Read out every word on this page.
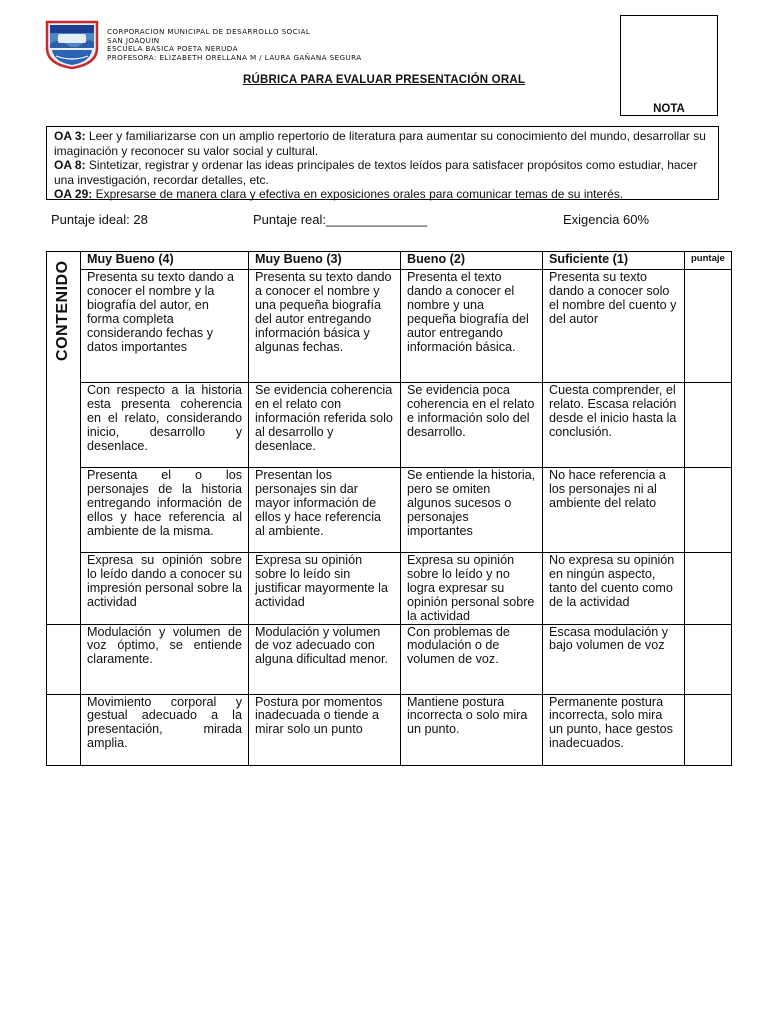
CORPORACION MUNICIPAL DE DESARROLLO SOCIAL
SAN JOAQUIN
ESCUELA BASICA POETA NERUDA
PROFESORA: ELIZABETH ORELLANA M / LAURA GAÑANA SEGURA
NOTA
RÚBRICA PARA EVALUAR PRESENTACIÓN ORAL

OA 3: Leer y familiarizarse con un amplio repertorio de literatura para aumentar su conocimiento del mundo, desarrollar su imaginación y reconocer su valor social y cultural.

OA 8: Sintetizar, registrar y ordenar las ideas principales de textos leídos para satisfacer propósitos como estudiar, hacer una investigación, recordar detalles, etc.

OA 29: Expresarse de manera clara y efectiva en exposiciones orales para comunicar temas de su interés.

Puntaje ideal: 28	Puntaje real:______________	Exigencia 60%
CONTENIDO	Muy Bueno (4)	Muy Bueno (3)	Bueno (2)	Suficiente (1)	puntaje
	Presenta su texto dando a conocer el nombre y la biografía del autor, en forma completa considerando fechas y datos importantes	Presenta su texto dando a conocer el nombre y una pequeña biografía del autor entregando información básica y algunas fechas.	Presenta el texto dando a conocer el nombre y una pequeña biografía del autor entregando información básica.	Presenta su texto dando a conocer solo el nombre del cuento y del autor	
	Con respecto a la historia esta presenta coherencia en el relato, considerando inicio, desarrollo y desenlace.	Se evidencia coherencia en el relato con información referida solo al desarrollo y desenlace.	Se evidencia poca coherencia en el relato e información solo del desarrollo.	Cuesta comprender, el relato. Escasa relación desde el inicio hasta la conclusión.	
	Presenta el o los personajes de la historia entregando información de ellos y hace referencia al ambiente de la misma.	Presentan los personajes sin dar mayor información de ellos y hace referencia al ambiente.	Se entiende la historia, pero se omiten algunos sucesos o personajes importantes	No hace referencia a los personajes ni al ambiente del relato	
	Expresa su opinión sobre lo leído dando a conocer su impresión personal sobre la actividad	Expresa su opinión sobre lo leído sin justificar mayormente la actividad	Expresa su opinión sobre lo leído y no logra expresar su opinión personal sobre la actividad	No expresa su opinión en ningún aspecto, tanto del cuento como de la actividad	
	Modulación y volumen de voz óptimo, se entiende claramente.	Modulación y volumen de voz adecuado con alguna dificultad menor.	Con problemas de modulación o de volumen de voz.	Escasa modulación y bajo volumen de voz	
	Movimiento corporal y gestual adecuado a la presentación, mirada amplia.	Postura por momentos inadecuada o tiende a mirar solo un punto	Mantiene postura incorrecta o solo mira un punto.	Permanente postura incorrecta, solo mira un punto, hace gestos inadecuados.	
